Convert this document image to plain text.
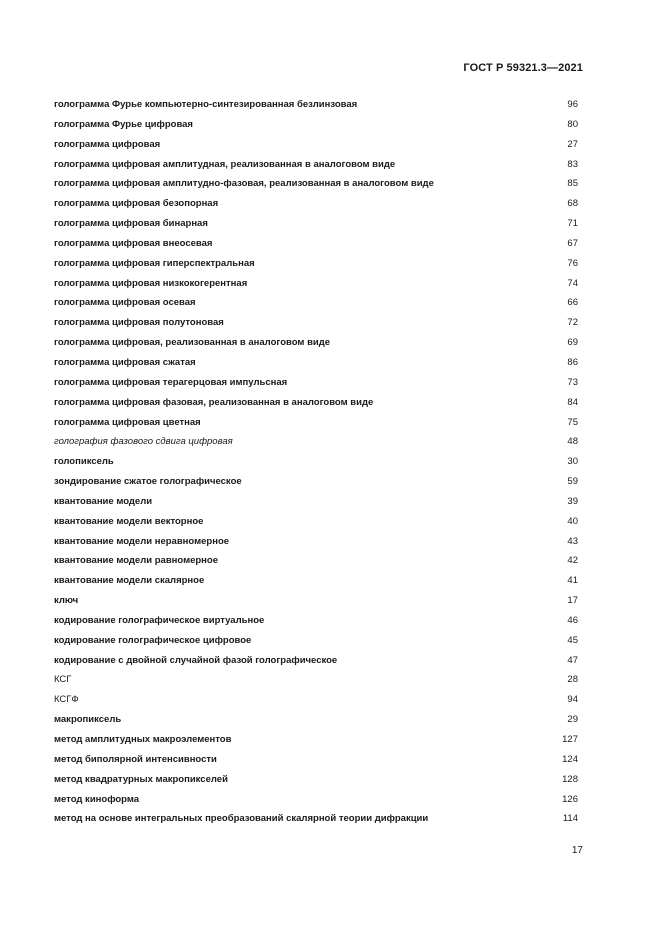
ГОСТ Р 59321.3—2021
голограмма Фурье компьютерно-синтезированная безлинзовая	96
голограмма Фурье цифровая	80
голограмма цифровая	27
голограмма цифровая амплитудная, реализованная в аналоговом виде	83
голограмма цифровая амплитудно-фазовая, реализованная в аналоговом виде	85
голограмма цифровая безопорная	68
голограмма цифровая бинарная	71
голограмма цифровая внеосевая	67
голограмма цифровая гиперспектральная	76
голограмма цифровая низкокогерентная	74
голограмма цифровая осевая	66
голограмма цифровая полутоновая	72
голограмма цифровая, реализованная в аналоговом виде	69
голограмма цифровая сжатая	86
голограмма цифровая терагерцовая импульсная	73
голограмма цифровая фазовая, реализованная в аналоговом виде	84
голограмма цифровая цветная	75
голография фазового сдвига цифровая	48
голопиксель	30
зондирование сжатое голографическое	59
квантование модели	39
квантование модели векторное	40
квантование модели неравномерное	43
квантование модели равномерное	42
квантование модели скалярное	41
ключ	17
кодирование голографическое виртуальное	46
кодирование голографическое цифровое	45
кодирование с двойной случайной фазой голографическое	47
КСГ	28
КСГФ	94
макропиксель	29
метод амплитудных макроэлементов	127
метод биполярной интенсивности	124
метод квадратурных макропикселей	128
метод киноформа	126
метод на основе интегральных преобразований скалярной теории дифракции	114
17
